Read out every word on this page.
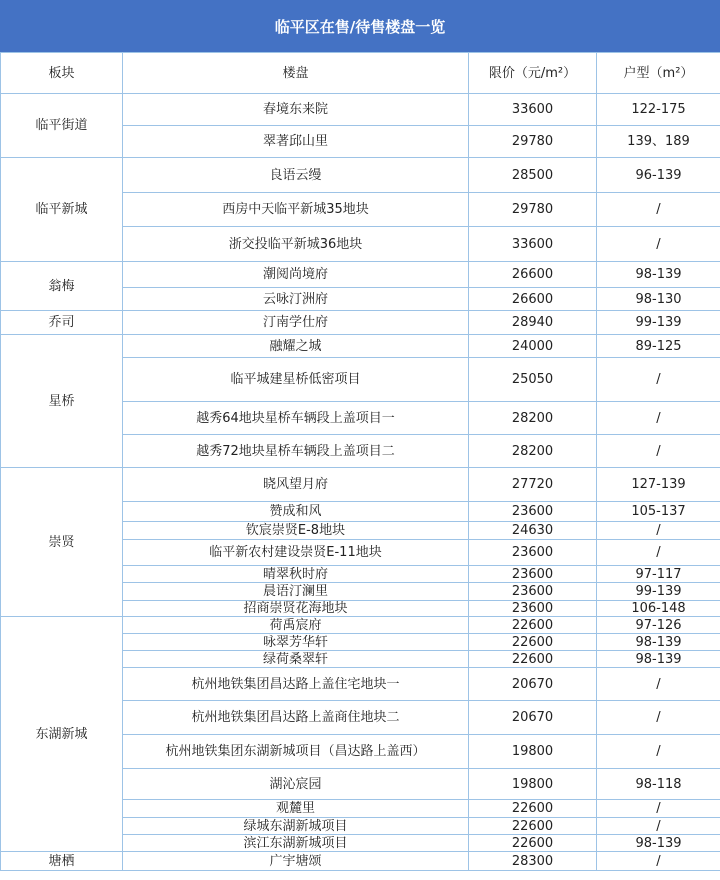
临平区在售/待售楼盘一览
板块	楼盘	限价（元/m²）	户型（m²）
临平街道	春境东来院	33600	122-175
	翠著邱山里	29780	139、189
临平新城	良语云缦	28500	96-139
	西房中天临平新城35地块	29780	/
	浙交投临平新城36地块	33600	/
翁梅	潮阅尚境府	26600	98-139
	云咏汀洲府	26600	98-130
乔司	汀南学仕府	28940	99-139
星桥	融耀之城	24000	89-125
	临平城建星桥低密项目	25050	/
	越秀64地块星桥车辆段上盖项目一	28200	/
	越秀72地块星桥车辆段上盖项目二	28200	/
崇贤	晓风望月府	27720	127-139
	赞成和风	23600	105-137
	钦宸崇贤E-8地块	24630	/
	临平新农村建设崇贤E-11地块	23600	/
	晴翠秋时府	23600	97-117
	晨语汀澜里	23600	99-139
	招商崇贤花海地块	23600	106-148
东湖新城	荷禹宸府	22600	97-126
	咏翠芳华轩	22600	98-139
	绿荷桑翠轩	22600	98-139
	杭州地铁集团昌达路上盖住宅地块一	20670	/
	杭州地铁集团昌达路上盖商住地块二	20670	/
	杭州地铁集团东湖新城项目（昌达路上盖西）	19800	/
	湖沁宸园	19800	98-118
	观麓里	22600	/
	绿城东湖新城项目	22600	/
	滨江东湖新城项目	22600	98-139
塘栖	广宇塘颂	28300	/
